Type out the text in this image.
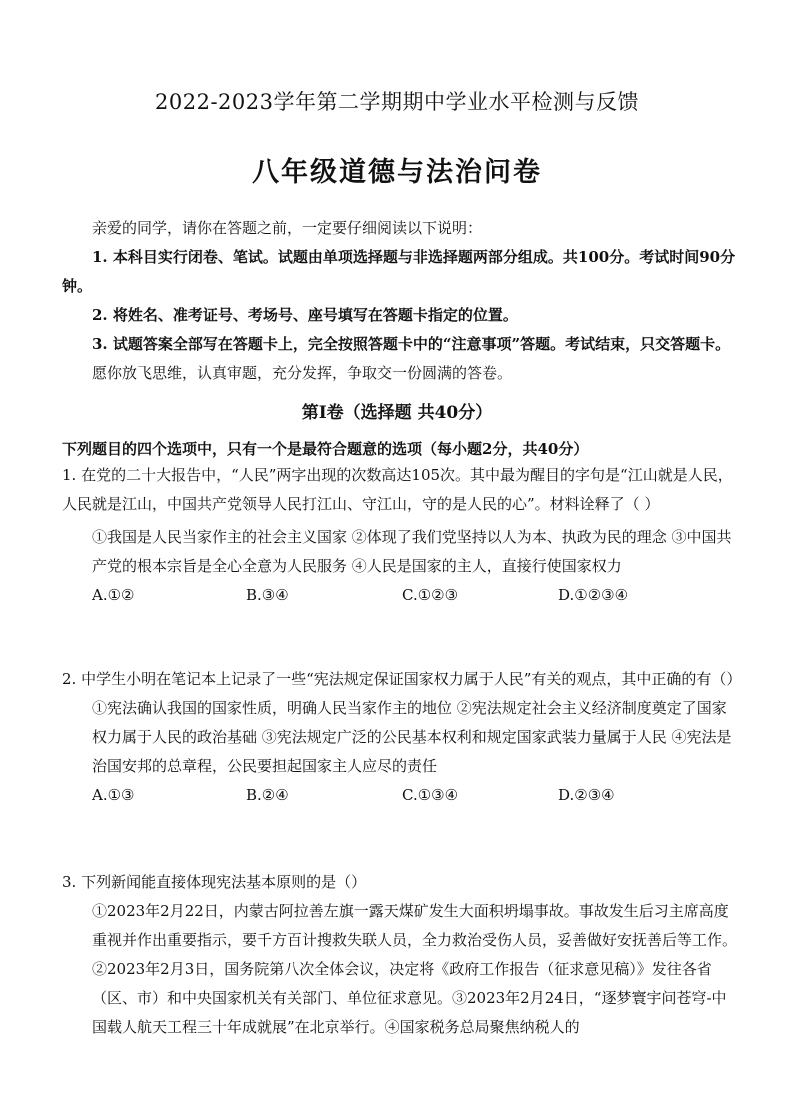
2022-2023学年第二学期期中学业水平检测与反馈
八年级道德与法治问卷

亲爱的同学，请你在答题之前，一定要仔细阅读以下说明：

1. 本科目实行闭卷、笔试。试题由单项选择题与非选择题两部分组成。共100分。考试时间90分钟。

2. 将姓名、准考证号、考场号、座号填写在答题卡指定的位置。

3. 试题答案全部写在答题卡上，完全按照答题卡中的“注意事项”答题。考试结束，只交答题卡。

愿你放飞思维，认真审题，充分发挥，争取交一份圆满的答卷。

第Ⅰ卷（选择题 共40分）
下列题目的四个选项中，只有一个是最符合题意的选项（每小题2分，共40分）

1. 在党的二十大报告中，“人民”两字出现的次数高达105次。其中最为醒目的字句是“江山就是人民，人民就是江山，中国共产党领导人民打江山、守江山，守的是人民的心”。材料诠释了（ ）

①我国是人民当家作主的社会主义国家 ②体现了我们党坚持以人为本、执政为民的理念 ③中国共产党的根本宗旨是全心全意为人民服务 ④人民是国家的主人，直接行使国家权力

A.①②	B.③④	C.①②③	D.①②③④

2. 中学生小明在笔记本上记录了一些“宪法规定保证国家权力属于人民”有关的观点，其中正确的有（）

①宪法确认我国的国家性质，明确人民当家作主的地位 ②宪法规定社会主义经济制度奠定了国家权力属于人民的政治基础 ③宪法规定广泛的公民基本权利和规定国家武装力量属于人民 ④宪法是治国安邦的总章程，公民要担起国家主人应尽的责任

A.①③	B.②④	C.①③④	D.②③④

3. 下列新闻能直接体现宪法基本原则的是（）

①2023年2月22日，内蒙古阿拉善左旗一露天煤矿发生大面积坍塌事故。事故发生后习主席高度重视并作出重要指示，要千方百计搜救失联人员，全力救治受伤人员，妥善做好安抚善后等工作。②2023年2月3日，国务院第八次全体会议，决定将《政府工作报告（征求意见稿）》发往各省（区、市）和中央国家机关有关部门、单位征求意见。③2023年2月24日，“逐梦寰宇问苍穹-中国载人航天工程三十年成就展”在北京举行。④国家税务总局聚焦纳税人的
